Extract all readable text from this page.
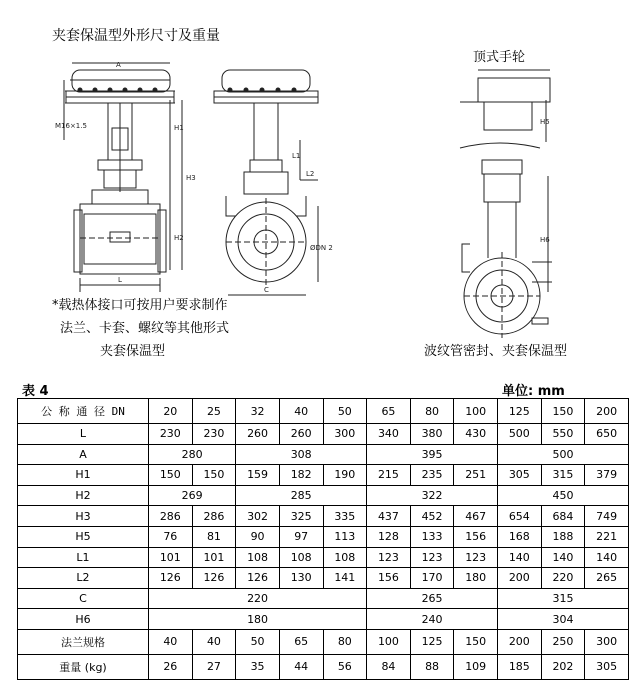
夹套保温型外形尺寸及重量
顶式手轮
A
M16×1.5	H1
H3
H2
L
L1
L2
ØDN 2
C
H5
H6
*载热体接口可按用户要求制作
法兰、卡套、螺纹等其他形式
夹套保温型	波纹管密封、夹套保温型
表 4	单位: mm
公 称 通 径 DN	20	25	32	40	50	65	80	100	125	150	200
L	230	230	260	260	300	340	380	430	500	550	650
A	280		308			395			500		
H1	150	150	159	182	190	215	235	251	305	315	379
H2	269		285			322			450		
H3	286	286	302	325	335	437	452	467	654	684	749
H5	76	81	90	97	113	128	133	156	168	188	221
L1	101	101	108	108	108	123	123	123	140	140	140
L2	126	126	126	130	141	156	170	180	200	220	265
C	220					265			315		
H6	180					240			304		
法兰规格	40	40	50	65	80	100	125	150	200	250	300
重量 (kg)	26	27	35	44	56	84	88	109	185	202	305
